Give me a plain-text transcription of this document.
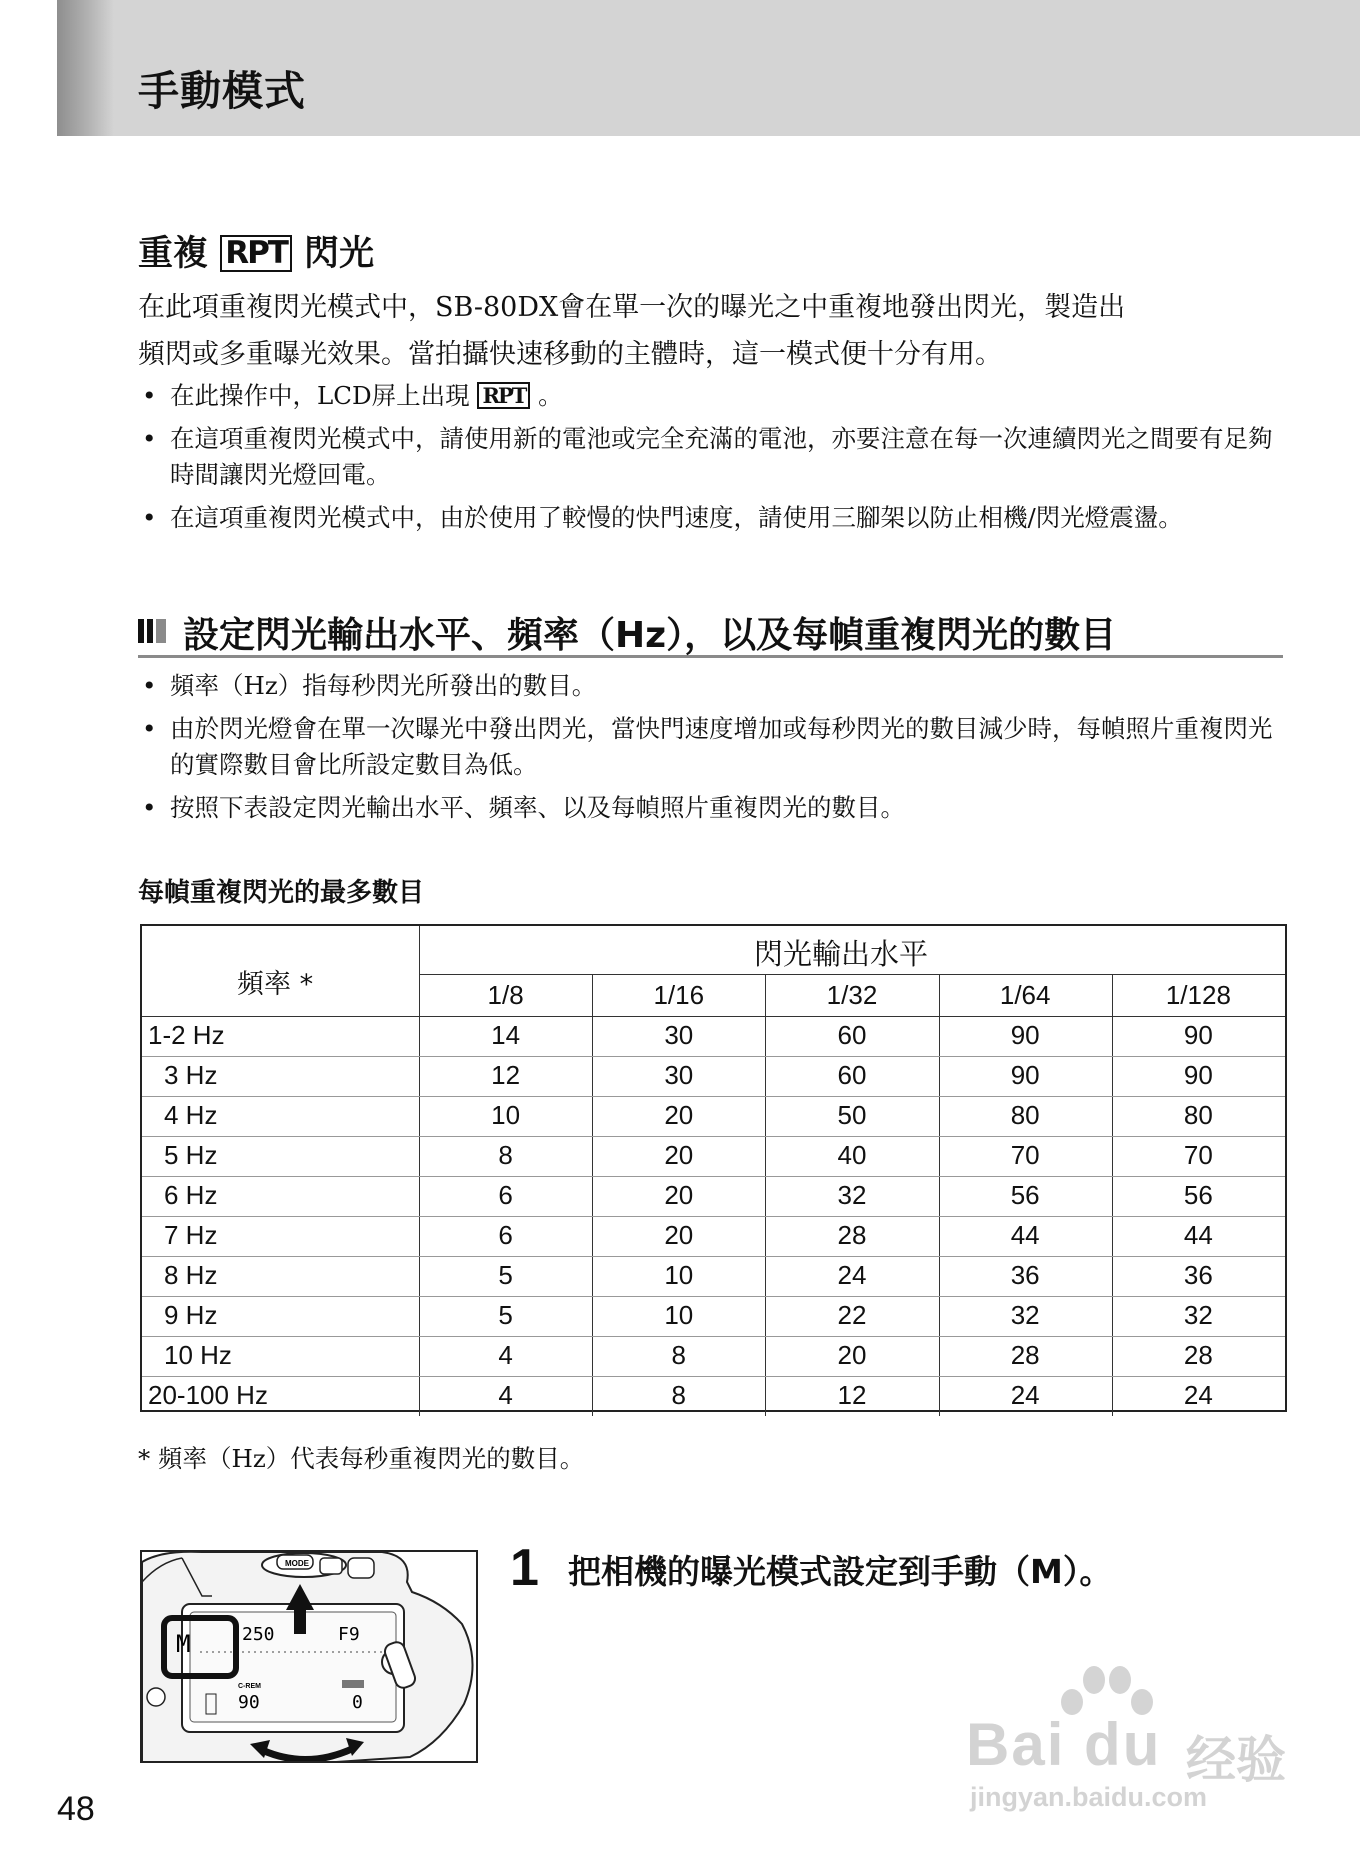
手動模式
重複 RPT 閃光

在此項重複閃光模式中，SB-80DX會在單一次的曝光之中重複地發出閃光，製造出

頻閃或多重曝光效果。當拍攝快速移動的主體時，這一模式便十分有用。

• 在此操作中，LCD屏上出現 RPT 。
• 在這項重複閃光模式中，請使用新的電池或完全充滿的電池，亦要注意在每一次連續閃光之間要有足夠時間讓閃光燈回電。
• 在這項重複閃光模式中，由於使用了較慢的快門速度，請使用三腳架以防止相機/閃光燈震盪。
設定閃光輸出水平、頻率（Hz），以及每幀重複閃光的數目
• 頻率（Hz）指每秒閃光所發出的數目。
• 由於閃光燈會在單一次曝光中發出閃光，當快門速度增加或每秒閃光的數目減少時，每幀照片重複閃光的實際數目會比所設定數目為低。
• 按照下表設定閃光輸出水平、頻率、以及每幀照片重複閃光的數目。
每幀重複閃光的最多數目
頻率 *
閃光輸出水平
1/8	1/16	1/32	1/64	1/128
1-2 Hz	14	30	60	90	90
3 Hz	12	30	60	90	90
4 Hz	10	20	50	80	80
5 Hz	8	20	40	70	70
6 Hz	6	20	32	56	56
7 Hz	6	20	28	44	44
8 Hz	5	10	24	36	36
9 Hz	5	10	22	32	32
10 Hz	4	8	20	28	28
20-100 Hz	4	8	12	24	24
* 頻率（Hz）代表每秒重複閃光的數目。
MODE
M	250	F9
C-REM
90	0
1 把相機的曝光模式設定到手動（M）。
48
Bai du 经验
jingyan.baidu.com
